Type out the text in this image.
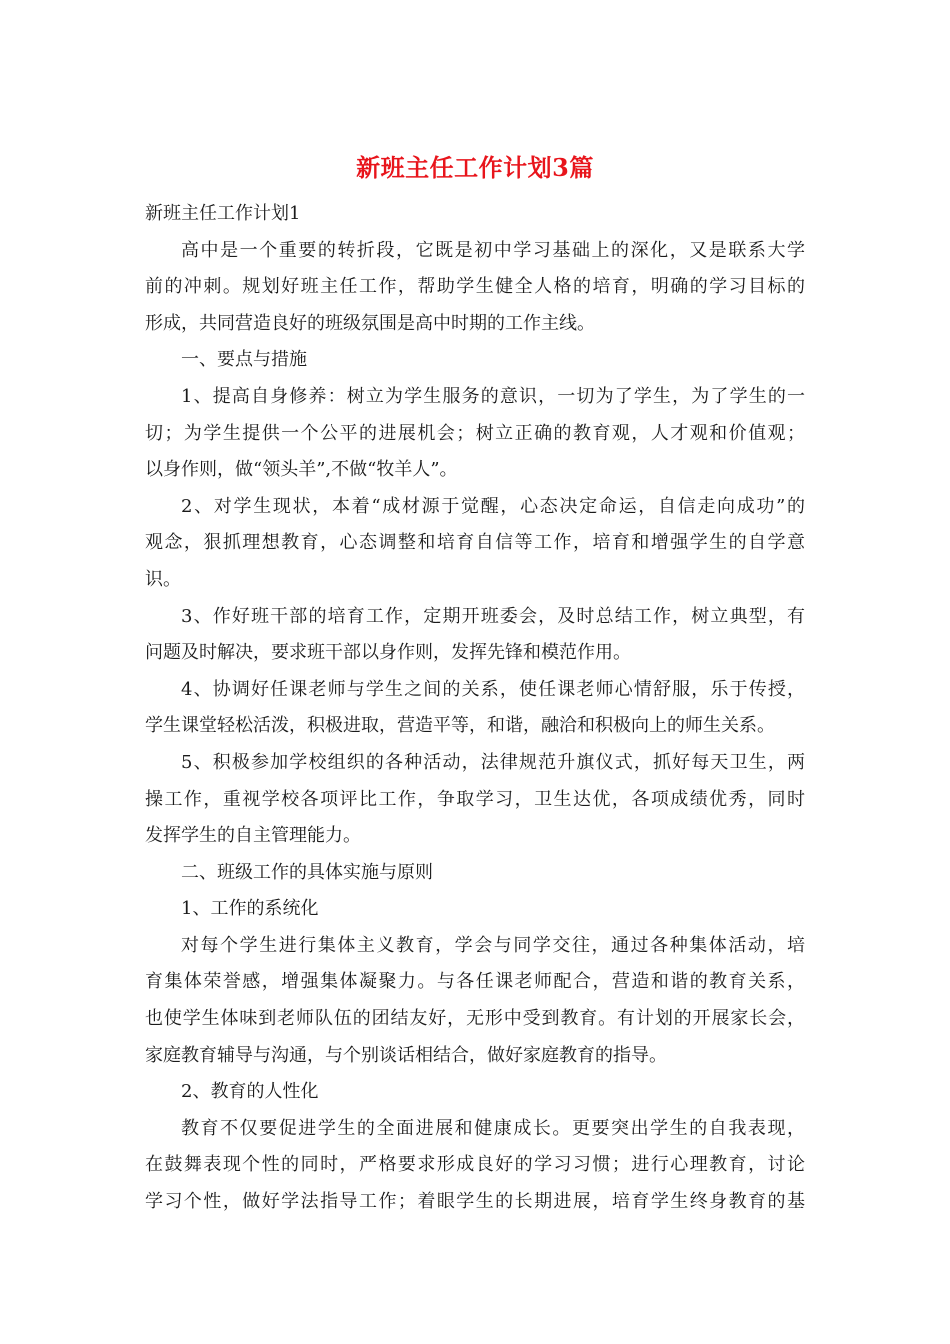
新班主任工作计划3篇

新班主任工作计划1

高中是一个重要的转折段，它既是初中学习基础上的深化，又是联系大学

前的冲刺。规划好班主任工作，帮助学生健全人格的培育，明确的学习目标的

形成，共同营造良好的班级氛围是高中时期的工作主线。

一、要点与措施

1、提高自身修养：树立为学生服务的意识，一切为了学生，为了学生的一

切；为学生提供一个公平的进展机会；树立正确的教育观，人才观和价值观；

以身作则，做“领头羊”,不做“牧羊人”。

2、对学生现状，本着“成材源于觉醒，心态决定命运，自信走向成功”的

观念，狠抓理想教育，心态调整和培育自信等工作，培育和增强学生的自学意

识。

3、作好班干部的培育工作，定期开班委会，及时总结工作，树立典型，有

问题及时解决，要求班干部以身作则，发挥先锋和模范作用。

4、协调好任课老师与学生之间的关系，使任课老师心情舒服，乐于传授，

学生课堂轻松活泼，积极进取，营造平等，和谐，融洽和积极向上的师生关系。

5、积极参加学校组织的各种活动，法律规范升旗仪式，抓好每天卫生，两

操工作，重视学校各项评比工作，争取学习，卫生达优，各项成绩优秀，同时

发挥学生的自主管理能力。

二、班级工作的具体实施与原则

1、工作的系统化

对每个学生进行集体主义教育，学会与同学交往，通过各种集体活动，培

育集体荣誉感，增强集体凝聚力。与各任课老师配合，营造和谐的教育关系，

也使学生体味到老师队伍的团结友好，无形中受到教育。有计划的开展家长会，

家庭教育辅导与沟通，与个别谈话相结合，做好家庭教育的指导。

2、教育的人性化

教育不仅要促进学生的全面进展和健康成长。更要突出学生的自我表现，

在鼓舞表现个性的同时，严格要求形成良好的学习习惯；进行心理教育，讨论

学习个性，做好学法指导工作；着眼学生的长期进展，培育学生终身教育的基
